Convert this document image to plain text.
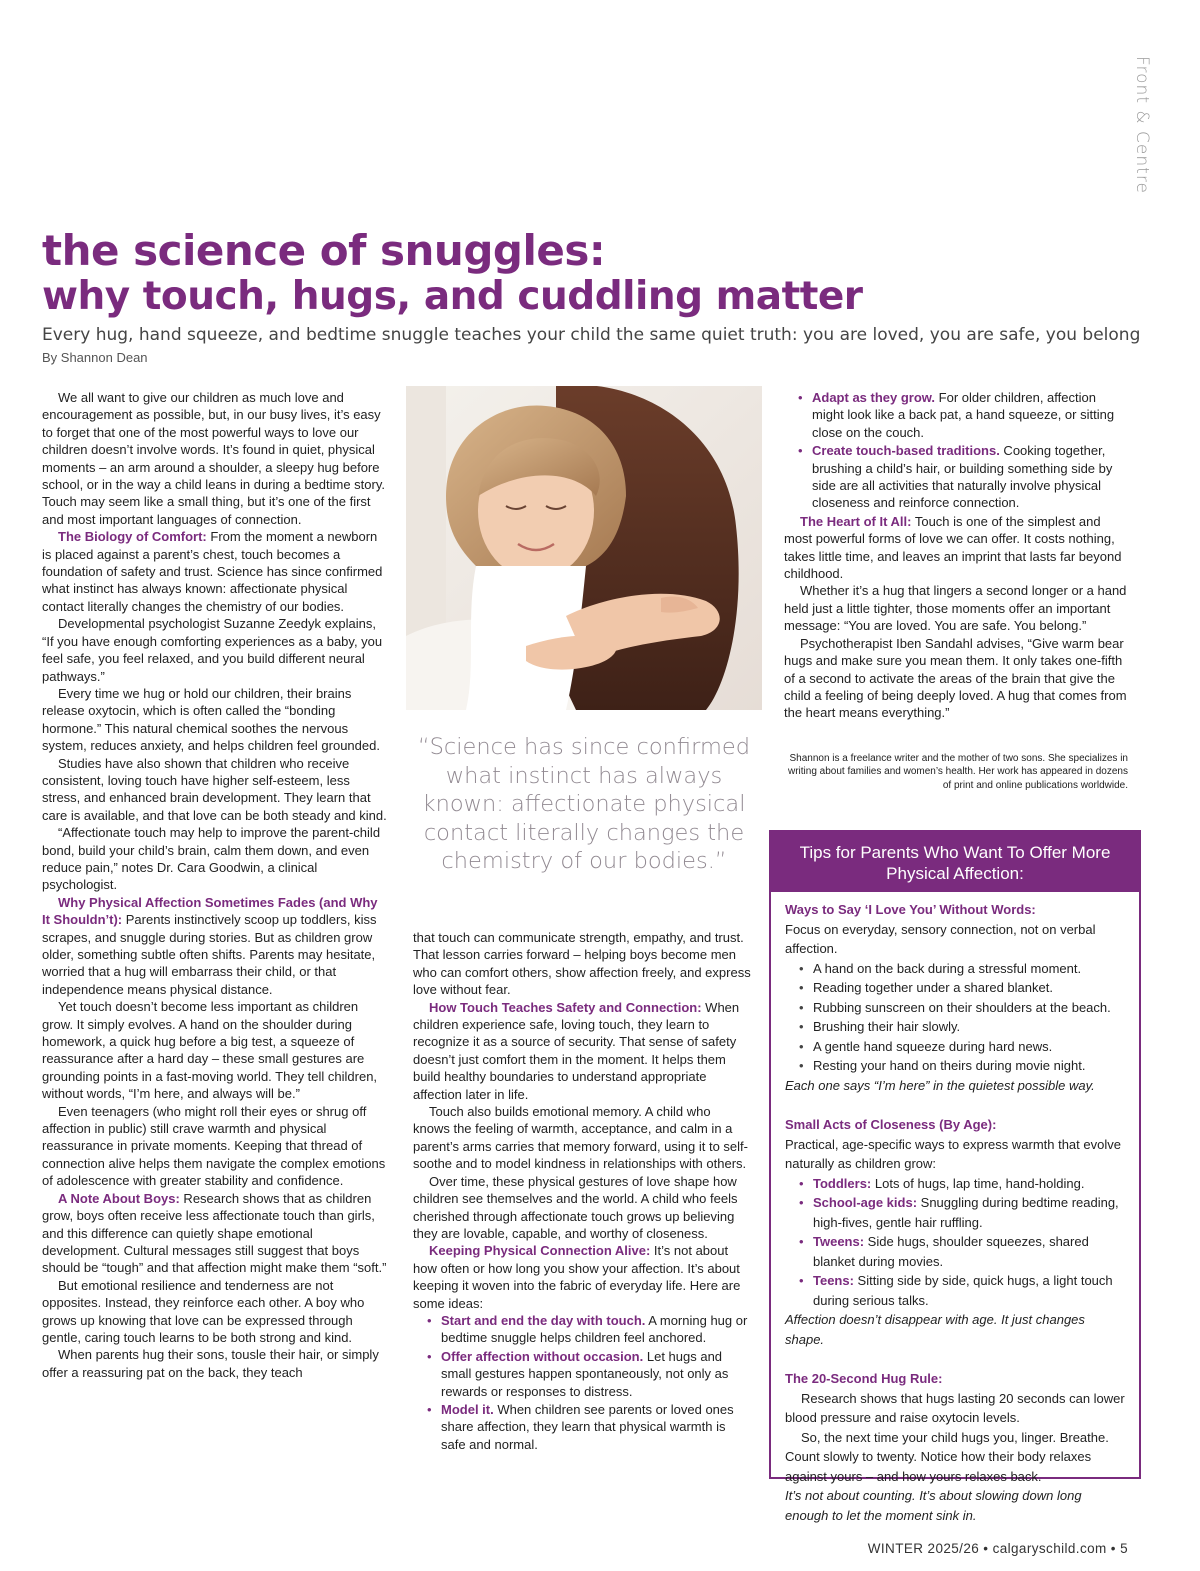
Front & Centre
the science of snuggles:
why touch, hugs, and cuddling matter
Every hug, hand squeeze, and bedtime snuggle teaches your child the same quiet truth: you are loved, you are safe, you belong
By Shannon Dean

We all want to give our children as much love and encouragement as possible, but, in our busy lives, it’s easy to forget that one of the most powerful ways to love our children doesn’t involve words. It’s found in quiet, physical moments – an arm around a shoulder, a sleepy hug before school, or in the way a child leans in during a bedtime story. Touch may seem like a small thing, but it’s one of the first and most important languages of connection.

The Biology of Comfort: From the moment a newborn is placed against a parent’s chest, touch becomes a foundation of safety and trust. Science has since confirmed what instinct has always known: affectionate physical contact literally changes the chemistry of our bodies.

Developmental psychologist Suzanne Zeedyk explains, “If you have enough comforting experiences as a baby, you feel safe, you feel relaxed, and you build different neural pathways.”

Every time we hug or hold our children, their brains release oxytocin, which is often called the “bonding hormone.” This natural chemical soothes the nervous system, reduces anxiety, and helps children feel grounded.

Studies have also shown that children who receive consistent, loving touch have higher self-esteem, less stress, and enhanced brain development. They learn that care is available, and that love can be both steady and kind.

“Affectionate touch may help to improve the parent-child bond, build your child’s brain, calm them down, and even reduce pain,” notes Dr. Cara Goodwin, a clinical psychologist.

Why Physical Affection Sometimes Fades (and Why It Shouldn’t): Parents instinctively scoop up toddlers, kiss scrapes, and snuggle during stories. But as children grow older, something subtle often shifts. Parents may hesitate, worried that a hug will embarrass their child, or that independence means physical distance.

Yet touch doesn’t become less important as children grow. It simply evolves. A hand on the shoulder during homework, a quick hug before a big test, a squeeze of reassurance after a hard day – these small gestures are grounding points in a fast-moving world. They tell children, without words, “I’m here, and always will be.”

Even teenagers (who might roll their eyes or shrug off affection in public) still crave warmth and physical reassurance in private moments. Keeping that thread of connection alive helps them navigate the complex emotions of adolescence with greater stability and confidence.

A Note About Boys: Research shows that as children grow, boys often receive less affectionate touch than girls, and this difference can quietly shape emotional development. Cultural messages still suggest that boys should be “tough” and that affection might make them “soft.”

But emotional resilience and tenderness are not opposites. Instead, they reinforce each other. A boy who grows up knowing that love can be expressed through gentle, caring touch learns to be both strong and kind.

When parents hug their sons, tousle their hair, or simply offer a reassuring pat on the back, they teach

“Science has since confirmed what instinct has always known: affectionate physical contact literally changes the chemistry of our bodies.”

that touch can communicate strength, empathy, and trust. That lesson carries forward – helping boys become men who can comfort others, show affection freely, and express love without fear.

How Touch Teaches Safety and Connection: When children experience safe, loving touch, they learn to recognize it as a source of security. That sense of safety doesn’t just comfort them in the moment. It helps them build healthy boundaries to understand appropriate affection later in life.

Touch also builds emotional memory. A child who knows the feeling of warmth, acceptance, and calm in a parent’s arms carries that memory forward, using it to self-soothe and to model kindness in relationships with others.

Over time, these physical gestures of love shape how children see themselves and the world. A child who feels cherished through affectionate touch grows up believing they are lovable, capable, and worthy of closeness.

Keeping Physical Connection Alive: It’s not about how often or how long you show your affection. It’s about keeping it woven into the fabric of everyday life. Here are some ideas:

• Start and end the day with touch. A morning hug or bedtime snuggle helps children feel anchored.
• Offer affection without occasion. Let hugs and small gestures happen spontaneously, not only as rewards or responses to distress.
• Model it. When children see parents or loved ones share affection, they learn that physical warmth is safe and normal.
• Adapt as they grow. For older children, affection might look like a back pat, a hand squeeze, or sitting close on the couch.
• Create touch-based traditions. Cooking together, brushing a child’s hair, or building something side by side are all activities that naturally involve physical closeness and reinforce connection.

The Heart of It All: Touch is one of the simplest and most powerful forms of love we can offer. It costs nothing, takes little time, and leaves an imprint that lasts far beyond childhood.

Whether it’s a hug that lingers a second longer or a hand held just a little tighter, those moments offer an important message: “You are loved. You are safe. You belong.”

Psychotherapist Iben Sandahl advises, “Give warm bear hugs and make sure you mean them. It only takes one-fifth of a second to activate the areas of the brain that give the child a feeling of being deeply loved. A hug that comes from the heart means everything.”

Shannon is a freelance writer and the mother of two sons. She specializes in writing about families and women’s health. Her work has appeared in dozens of print and online publications worldwide.
Tips for Parents Who Want To Offer More Physical Affection:
Ways to Say ‘I Love You’ Without Words:
Focus on everyday, sensory connection, not on verbal affection.
• A hand on the back during a stressful moment.
• Reading together under a shared blanket.
• Rubbing sunscreen on their shoulders at the beach.
• Brushing their hair slowly.
• A gentle hand squeeze during hard news.
• Resting your hand on theirs during movie night.
Each one says “I’m here” in the quietest possible way.
Small Acts of Closeness (By Age):
Practical, age-specific ways to express warmth that evolve naturally as children grow:
• Toddlers: Lots of hugs, lap time, hand-holding.
• School-age kids: Snuggling during bedtime reading, high-fives, gentle hair ruffling.
• Tweens: Side hugs, shoulder squeezes, shared blanket during movies.
• Teens: Sitting side by side, quick hugs, a light touch during serious talks.
Affection doesn’t disappear with age. It just changes shape.
The 20-Second Hug Rule:

Research shows that hugs lasting 20 seconds can lower blood pressure and raise oxytocin levels.

So, the next time your child hugs you, linger. Breathe. Count slowly to twenty. Notice how their body relaxes against yours – and how yours relaxes back.

It’s not about counting. It’s about slowing down long enough to let the moment sink in.
WINTER 2025/26 • calgaryschild.com • 5
